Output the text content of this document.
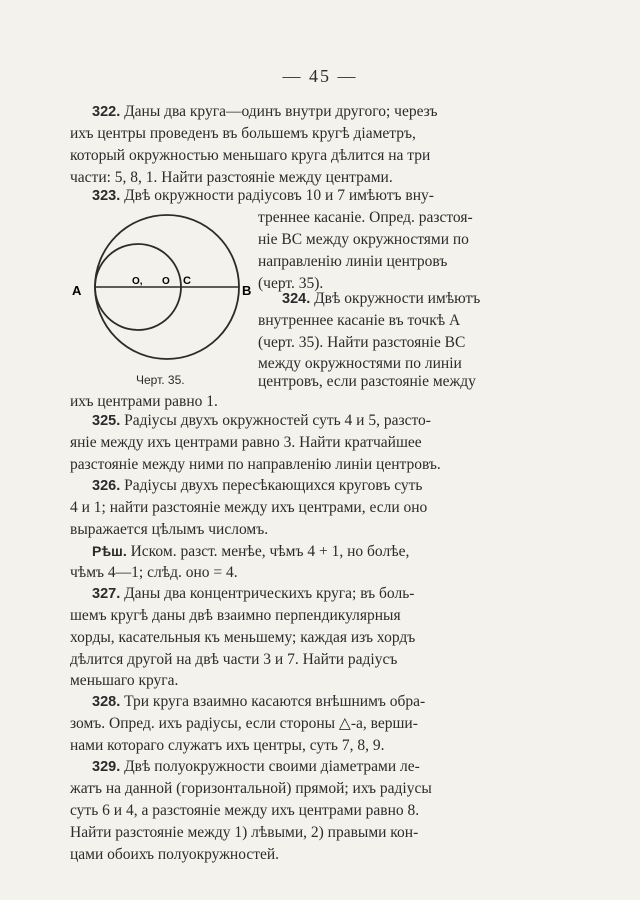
— 45 —
322. Даны два круга—одинъ внутри другого; черезъ
ихъ центры проведенъ въ большемъ кругѣ діаметръ,
который окружностью меньшаго круга дѣлится на три
части: 5, 8, 1. Найти разстояніе между центрами.
323. Двѣ окружности радіусовъ 10 и 7 имѣютъ вну-
треннее касаніе. Опред. разстоя-
ніе BC между окружностями по
направленію линіи центровъ
(черт. 35).
A	B
O, O C
Черт. 35.
324. Двѣ окружности имѣютъ
внутреннее касаніе въ точкѣ A
(черт. 35). Найти разстояніе BC
между окружностями по линіи
центровъ, если разстояніе между
ихъ центрами равно 1.
325. Радіусы двухъ окружностей суть 4 и 5, разсто-
яніе между ихъ центрами равно 3. Найти кратчайшее
разстояніе между ними по направленію линіи центровъ.
326. Радіусы двухъ пересѣкающихся круговъ суть
4 и 1; найти разстояніе между ихъ центрами, если оно
выражается цѣлымъ числомъ.
Рѣш. Иском. разст. менѣе, чѣмъ 4 + 1, но болѣе,
чѣмъ 4—1; слѣд. оно = 4.
327. Даны два концентрическихъ круга; въ боль-
шемъ кругѣ даны двѣ взаимно перпендикулярныя
хорды, касательныя къ меньшему; каждая изъ хордъ
дѣлится другой на двѣ части 3 и 7. Найти радіусъ
меньшаго круга.
328. Три круга взаимно касаются внѣшнимъ обра-
зомъ. Опред. ихъ радіусы, если стороны △-а, верши-
нами котораго служатъ ихъ центры, суть 7, 8, 9.
329. Двѣ полуокружности своими діаметрами ле-
жатъ на данной (горизонтальной) прямой; ихъ радіусы
суть 6 и 4, а разстояніе между ихъ центрами равно 8.
Найти разстояніе между 1) лѣвыми, 2) правыми кон-
цами обоихъ полуокружностей.
